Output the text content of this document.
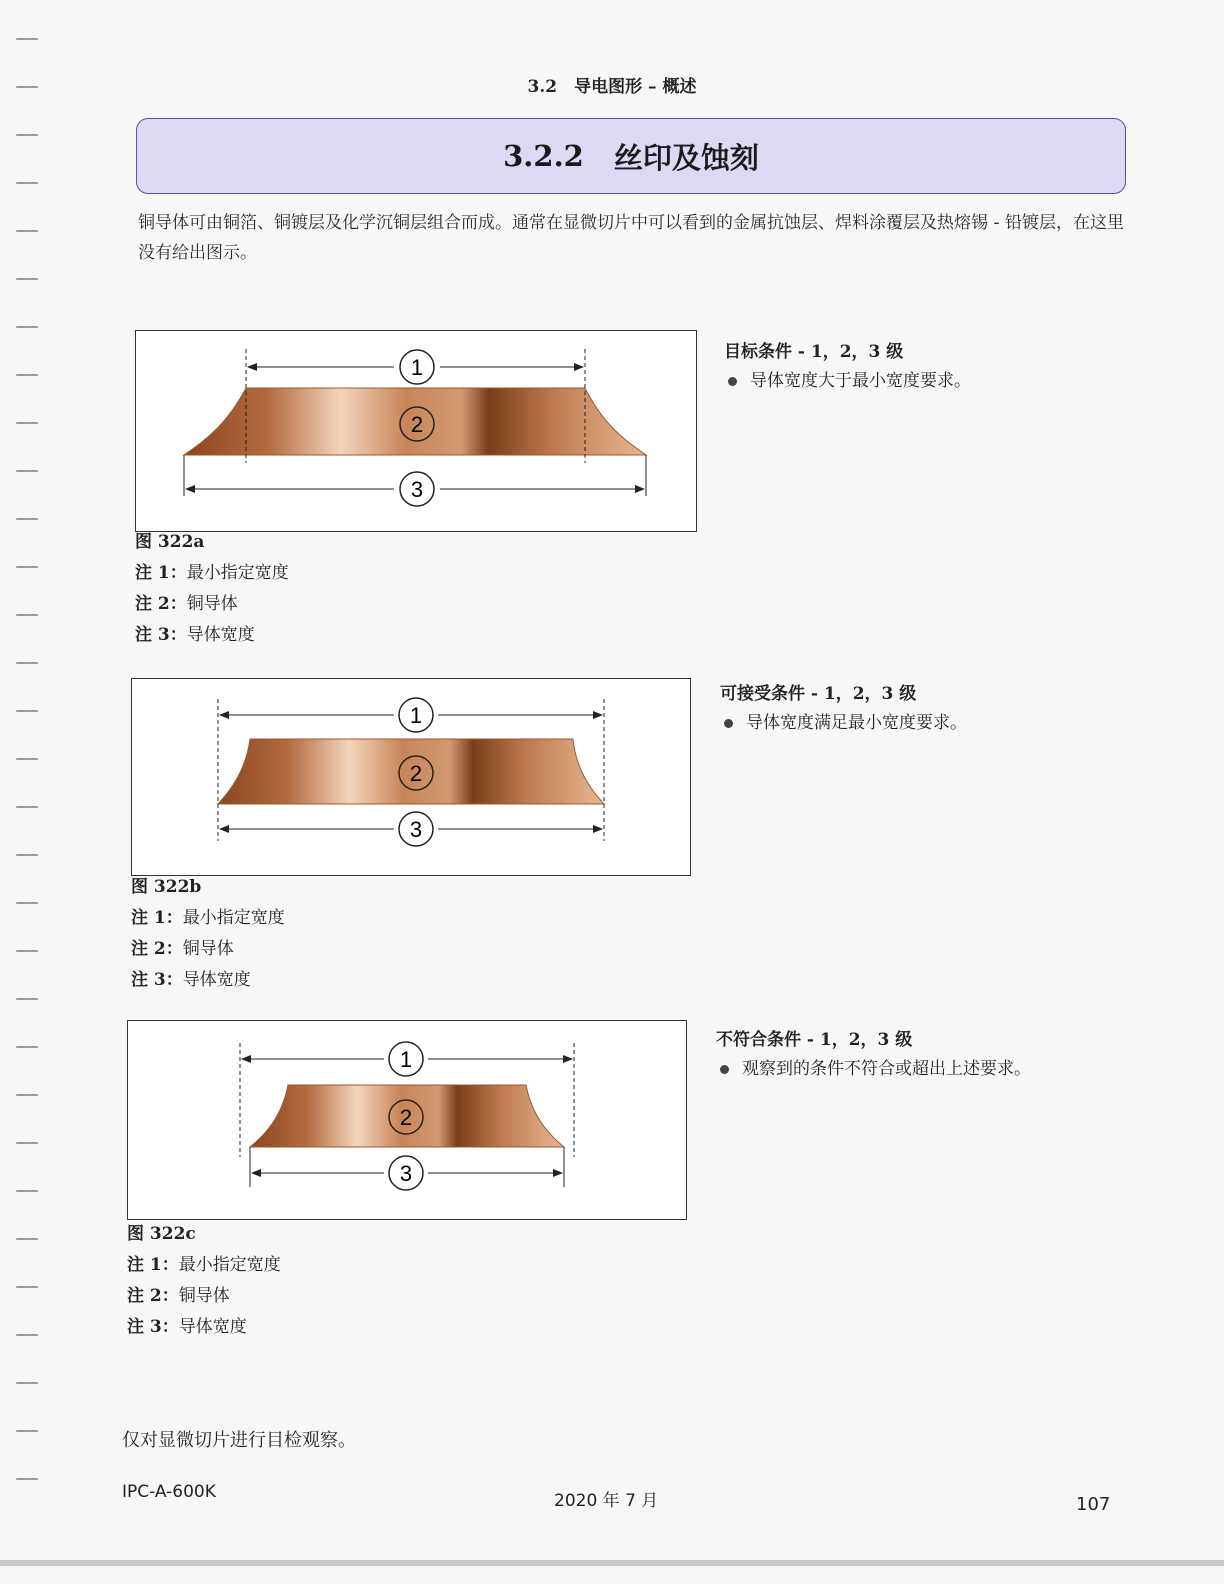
3.2　导电图形 – 概述
3.2.2 丝印及蚀刻
铜导体可由铜箔、铜镀层及化学沉铜层组合而成。通常在显微切片中可以看到的金属抗蚀层、焊料涂覆层及热熔锡 - 铅镀层，在这里没有给出图示。
1
2
3
图 322a
注 1：最小指定宽度
注 2：铜导体
注 3：导体宽度
目标条件 - 1，2，3 级
导体宽度大于最小宽度要求。
1
2
3
图 322b
注 1：最小指定宽度
注 2：铜导体
注 3：导体宽度
可接受条件 - 1，2，3 级
导体宽度满足最小宽度要求。
1
2
3
图 322c
注 1：最小指定宽度
注 2：铜导体
注 3：导体宽度
不符合条件 - 1，2，3 级
观察到的条件不符合或超出上述要求。
仅对显微切片进行目检观察。
IPC-A-600K	2020 年 7 月	107
